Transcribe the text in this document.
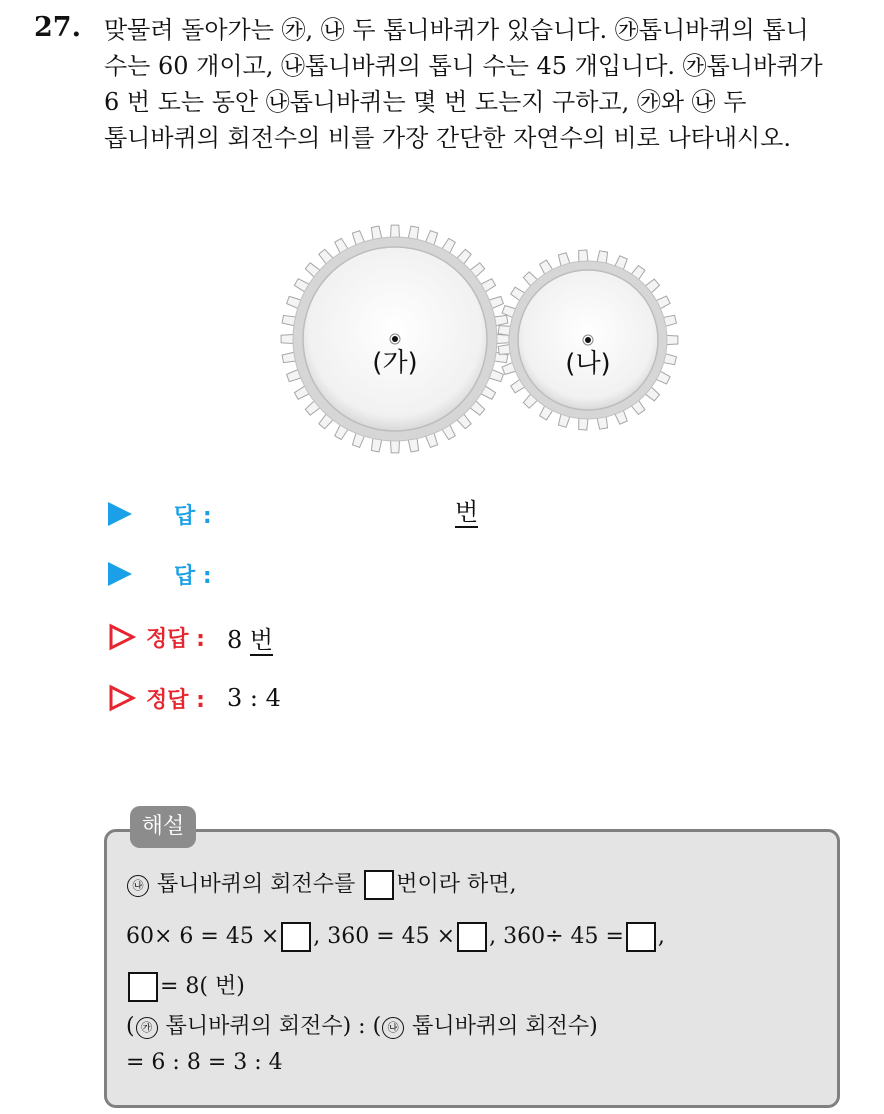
27. 맞물려 돌아가는 ㉮, ㉯ 두 톱니바퀴가 있습니다. ㉮톱니바퀴의 톱니

수는 60 개이고, ㉯톱니바퀴의 톱니 수는 45 개입니다. ㉮톱니바퀴가

6 번 도는 동안 ㉯톱니바퀴는 몇 번 도는지 구하고, ㉮와 ㉯ 두

톱니바퀴의 회전수의 비를 가장 간단한 자연수의 비로 나타내시오.

(가)	(나)
답 :	번
답 :
정답 : 8 번
정답 : 3 : 4
해설
㉯ 톱니바퀴의 회전수를 번이라 하면,
60× 6 = 45 × , 360 = 45 × , 360÷ 45 = ,
= 8( 번)
( ㉮ 톱니바퀴의 회전수) : ( ㉯ 톱니바퀴의 회전수)
= 6 : 8 = 3 : 4
